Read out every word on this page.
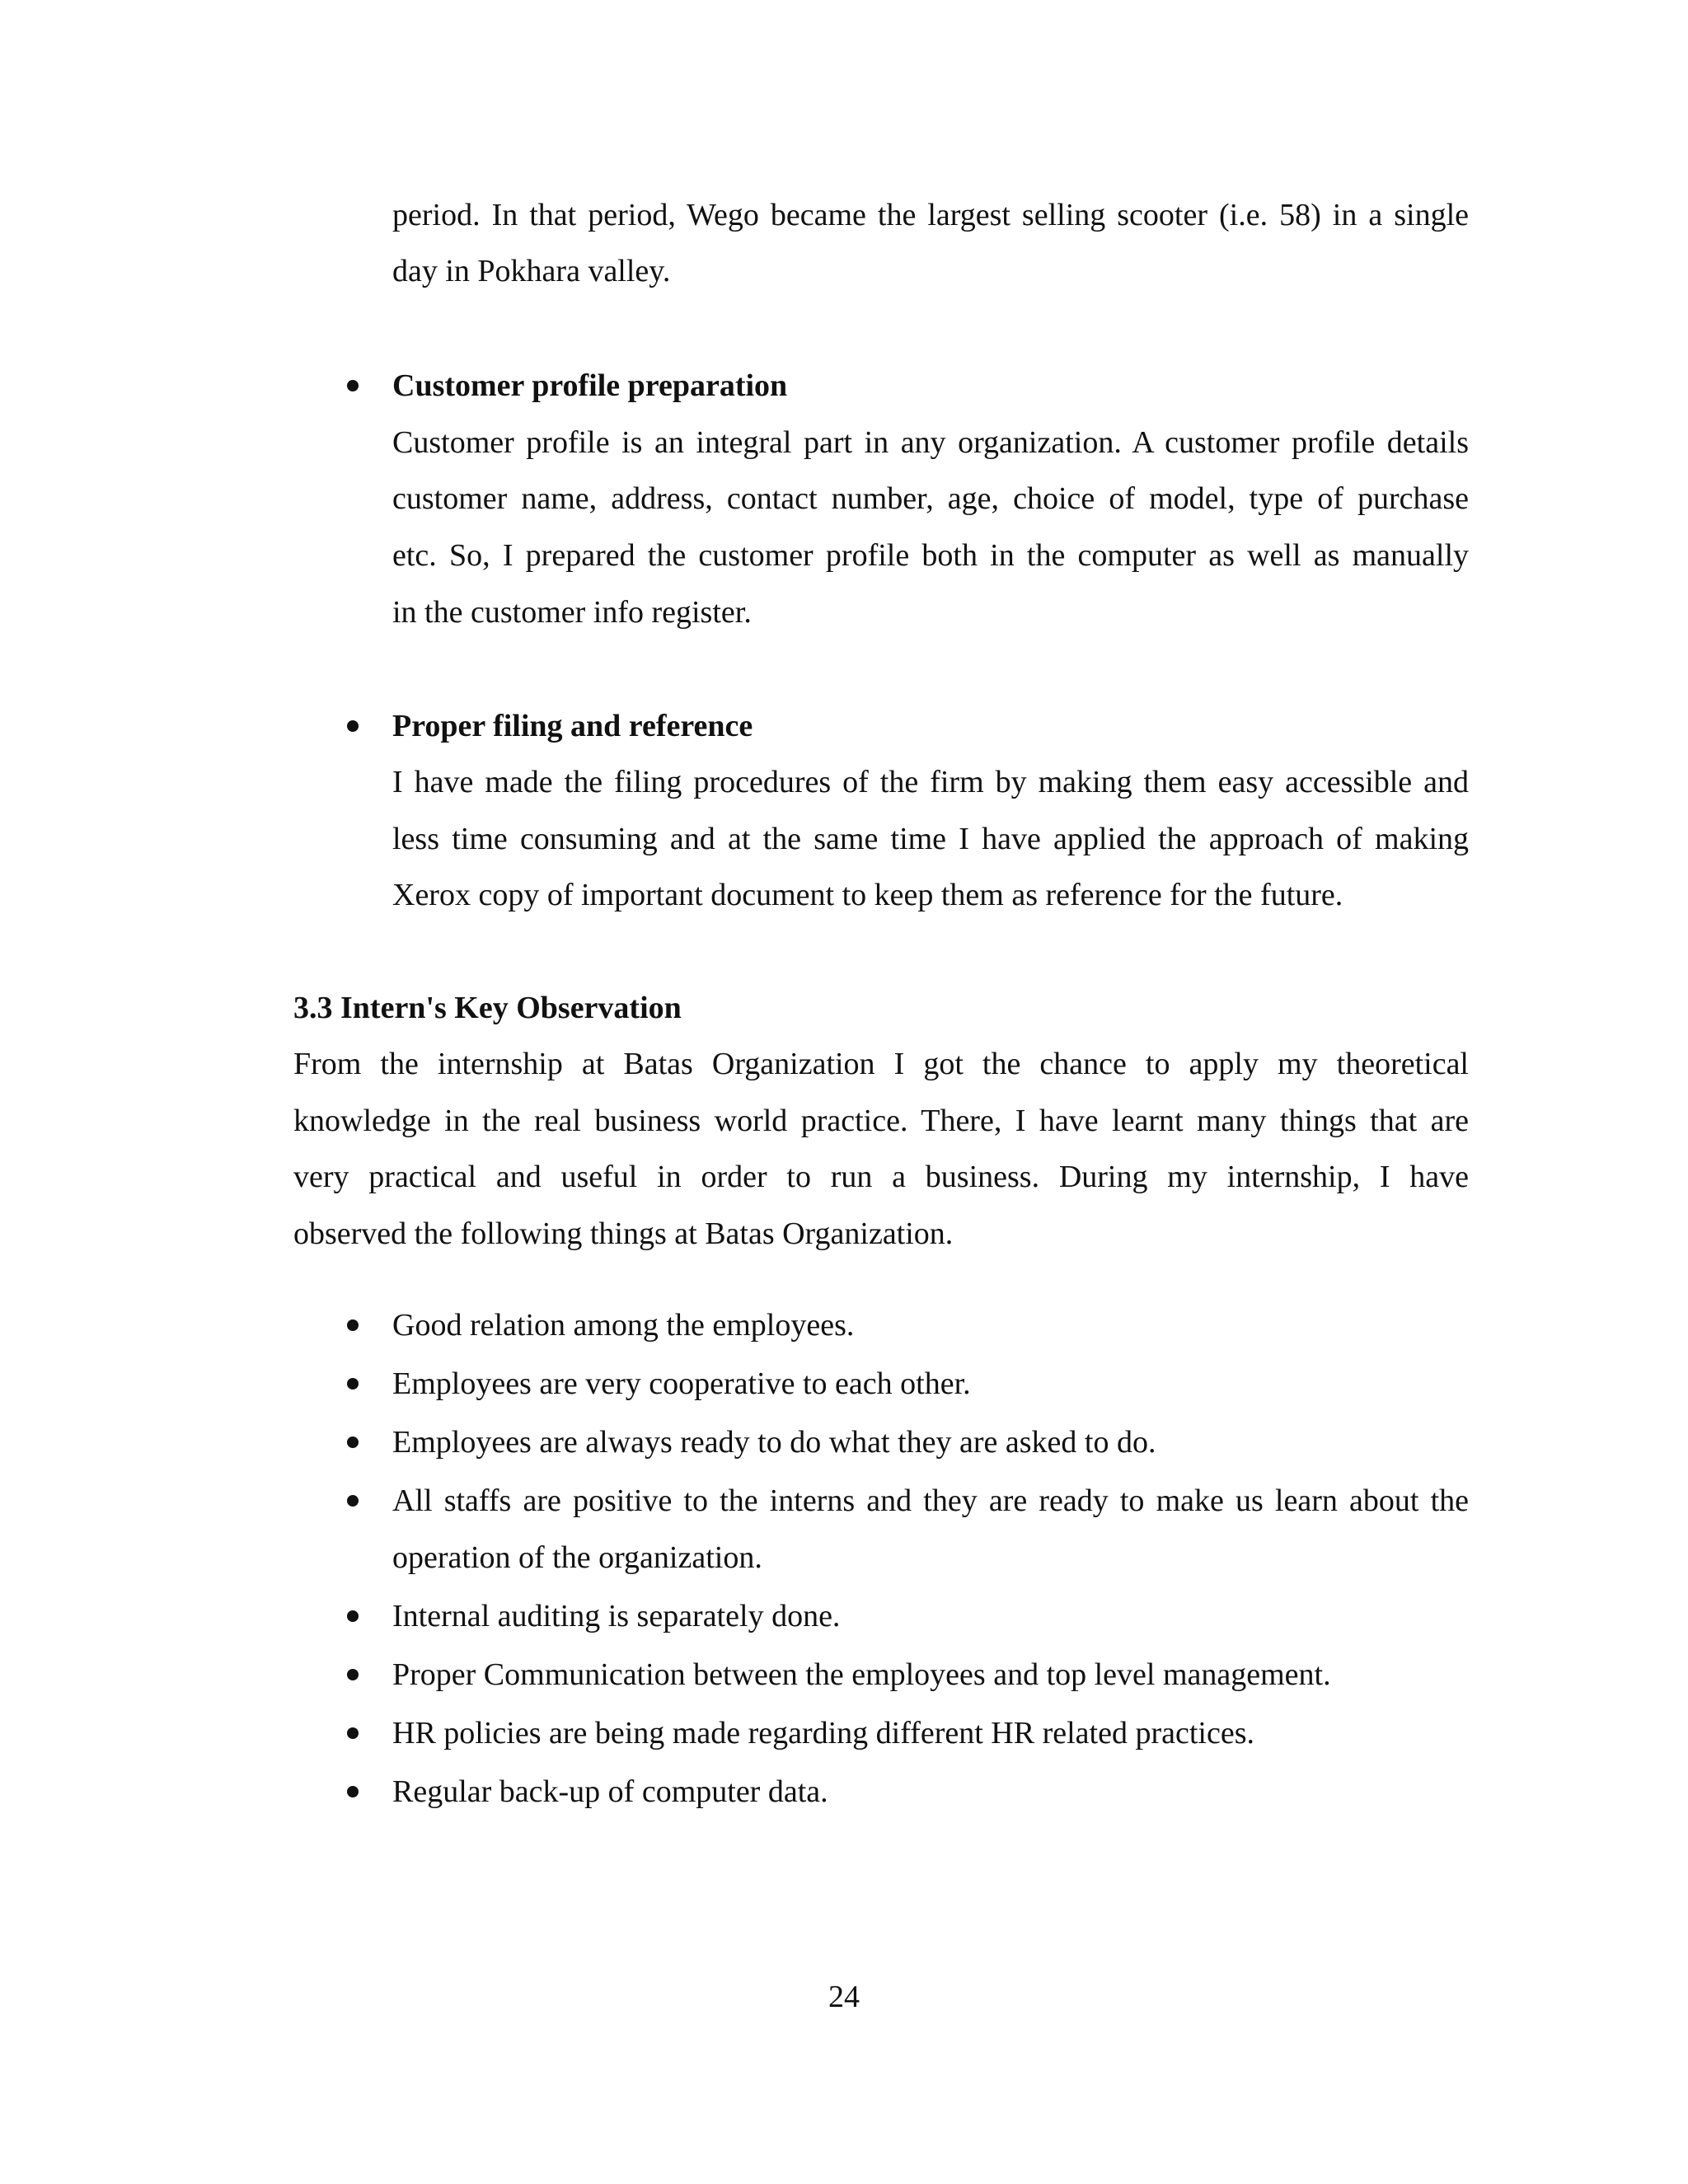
period. In that period, Wego became the largest selling scooter (i.e. 58) in a single
day in Pokhara valley.
Customer profile preparation
Customer profile is an integral part in any organization. A customer profile details
customer name, address, contact number, age, choice of model, type of purchase
etc. So, I prepared the customer profile both in the computer as well as manually
in the customer info register.
Proper filing and reference
I have made the filing procedures of the firm by making them easy accessible and
less time consuming and at the same time I have applied the approach of making
Xerox copy of important document to keep them as reference for the future.
3.3 Intern's Key Observation
From the internship at Batas Organization I got the chance to apply my theoretical
knowledge in the real business world practice. There, I have learnt many things that are
very practical and useful in order to run a business. During my internship, I have
observed the following things at Batas Organization.
Good relation among the employees.
Employees are very cooperative to each other.
Employees are always ready to do what they are asked to do.
All staffs are positive to the interns and they are ready to make us learn about the
operation of the organization.
Internal auditing is separately done.
Proper Communication between the employees and top level management.
HR policies are being made regarding different HR related practices.
Regular back-up of computer data.
24
